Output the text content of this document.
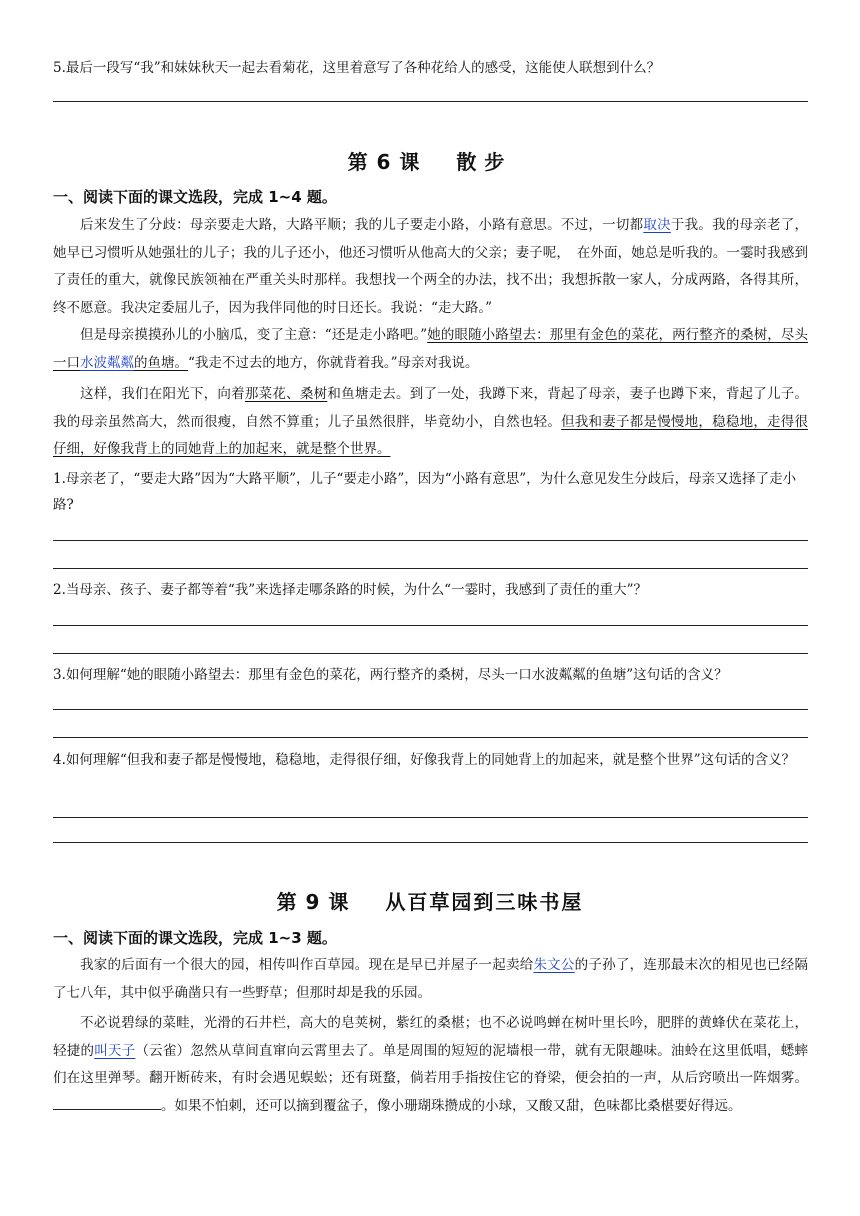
5.最后一段写“我”和妹妹秋天一起去看菊花，这里着意写了各种花给人的感受，这能使人联想到什么？
第 6 课 散步
一、阅读下面的课文选段，完成 1~4 题。
后来发生了分歧：母亲要走大路，大路平顺；我的儿子要走小路，小路有意思。不过，一切都取决于我。我的母亲老了，她早已习惯听从她强壮的儿子；我的儿子还小，他还习惯听从他高大的父亲；妻子呢，　在外面，她总是听我的。一霎时我感到了责任的重大，就像民族领袖在严重关头时那样。我想找一个两全的办法，找不出；我想拆散一家人，分成两路，各得其所，终不愿意。我决定委屈儿子，因为我伴同他的时日还长。我说：“走大路。”
但是母亲摸摸孙儿的小脑瓜，变了主意：“还是走小路吧。”她的眼随小路望去：那里有金色的菜花，两行整齐的桑树，尽头一口水波粼粼的鱼塘。“我走不过去的地方，你就背着我。”母亲对我说。
这样，我们在阳光下，向着那菜花、桑树和鱼塘走去。到了一处，我蹲下来，背起了母亲，妻子也蹲下来，背起了儿子。我的母亲虽然高大，然而很瘦，自然不算重；儿子虽然很胖，毕竟幼小，自然也轻。但我和妻子都是慢慢地，稳稳地，走得很仔细，好像我背上的同她背上的加起来，就是整个世界。
1.母亲老了，“要走大路”因为“大路平顺”，儿子“要走小路”，因为“小路有意思”，为什么意见发生分歧后，母亲又选择了走小路?
2.当母亲、孩子、妻子都等着“我”来选择走哪条路的时候，为什么“一霎时，我感到了责任的重大”？
3.如何理解“她的眼随小路望去：那里有金色的菜花，两行整齐的桑树，尽头一口水波粼粼的鱼塘”这句话的含义？
4.如何理解“但我和妻子都是慢慢地，稳稳地，走得很仔细，好像我背上的同她背上的加起来，就是整个世界”这句话的含义？
第 9 课 从百草园到三味书屋
一、阅读下面的课文选段，完成 1~3 题。
我家的后面有一个很大的园，相传叫作百草园。现在是早已并屋子一起卖给朱文公的子孙了，连那最末次的相见也已经隔了七八年，其中似乎确凿只有一些野草；但那时却是我的乐园。
不必说碧绿的菜畦，光滑的石井栏，高大的皂荚树，紫红的桑椹；也不必说鸣蝉在树叶里长吟，肥胖的黄蜂伏在菜花上，轻捷的叫天子（云雀）忽然从草间直窜向云霄里去了。单是周围的短短的泥墙根一带，就有无限趣味。油蛉在这里低唱，蟋蟀们在这里弹琴。翻开断砖来，有时会遇见蜈蚣；还有斑蝥，倘若用手指按住它的脊梁，便会拍的一声，从后窍喷出一阵烟雾。。如果不怕刺，还可以摘到覆盆子，像小珊瑚珠攒成的小球，又酸又甜，色味都比桑椹要好得远。
